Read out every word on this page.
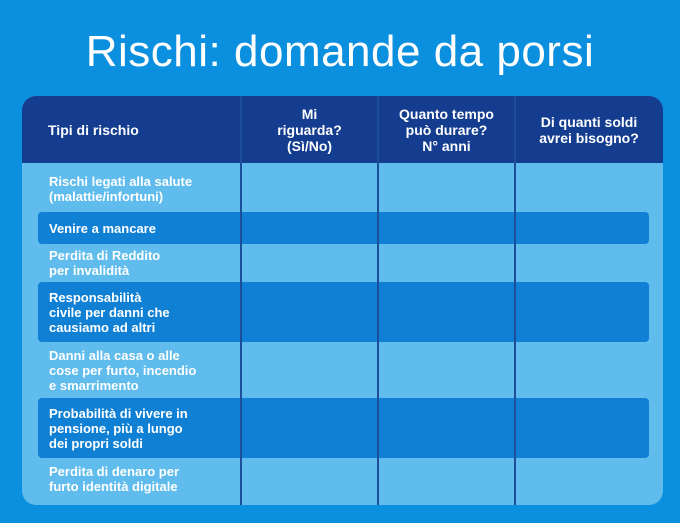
Rischi: domande da porsi
Tipi di rischio
Mi
riguarda?
(Sì/No)
Quanto tempo
può durare?
N° anni
Di quanti soldi
avrei bisogno?
Rischi legati alla salute
(malattie/infortuni)
Venire a mancare
Perdita di Reddito
per invalidità
Responsabilità
civile per danni che
causiamo ad altri
Danni alla casa o alle
cose per furto, incendio
e smarrimento
Probabilità di vivere in
pensione, più a lungo
dei propri soldi
Perdita di denaro per
furto identità digitale
